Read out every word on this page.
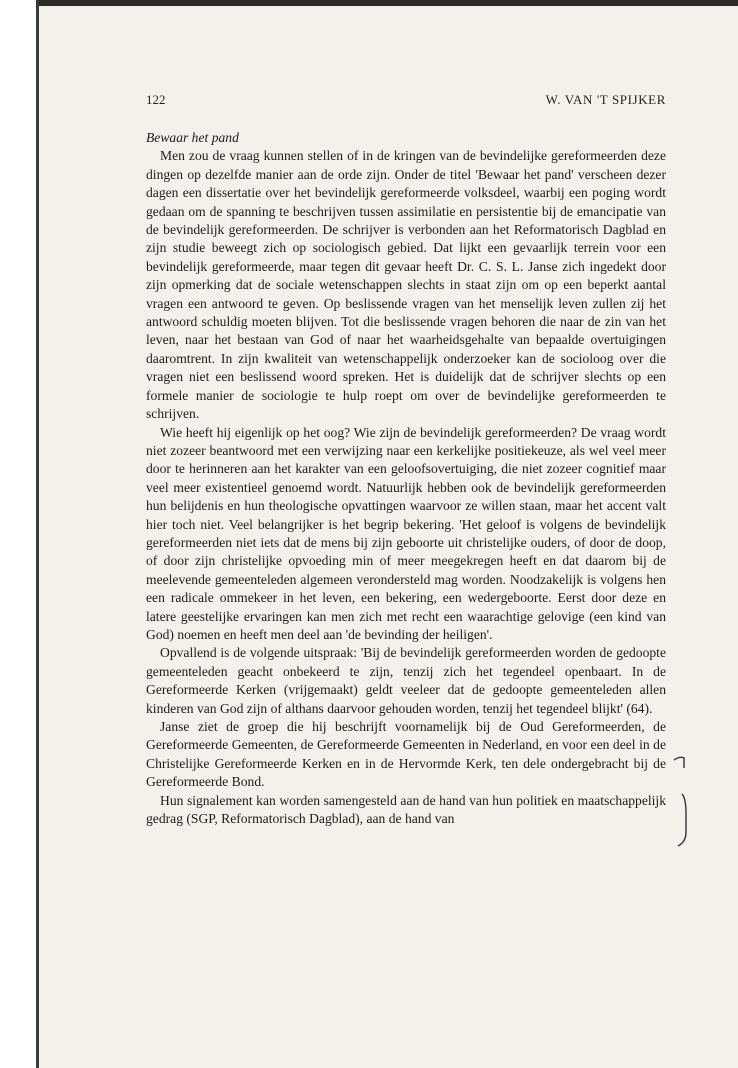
122	W. VAN 'T SPIJKER
Bewaar het pand

Men zou de vraag kunnen stellen of in de kringen van de bevindelijke gereformeerden deze dingen op dezelfde manier aan de orde zijn. Onder de titel 'Bewaar het pand' verscheen dezer dagen een dissertatie over het bevindelijk gereformeerde volksdeel, waarbij een poging wordt gedaan om de spanning te beschrijven tussen assimilatie en persistentie bij de emancipatie van de bevindelijk gereformeerden. De schrijver is verbonden aan het Reformatorisch Dagblad en zijn studie beweegt zich op sociologisch gebied. Dat lijkt een gevaarlijk terrein voor een bevindelijk gereformeerde, maar tegen dit gevaar heeft Dr. C. S. L. Janse zich ingedekt door zijn opmerking dat de sociale wetenschappen slechts in staat zijn om op een beperkt aantal vragen een antwoord te geven. Op beslissende vragen van het menselijk leven zullen zij het antwoord schuldig moeten blijven. Tot die beslissende vragen behoren die naar de zin van het leven, naar het bestaan van God of naar het waarheidsgehalte van bepaalde overtuigingen daaromtrent. In zijn kwaliteit van wetenschappelijk onderzoeker kan de socioloog over die vragen niet een beslissend woord spreken. Het is duidelijk dat de schrijver slechts op een formele manier de sociologie te hulp roept om over de bevindelijke gereformeerden te schrijven.

Wie heeft hij eigenlijk op het oog? Wie zijn de bevindelijk gereformeerden? De vraag wordt niet zozeer beantwoord met een verwijzing naar een kerkelijke positiekeuze, als wel veel meer door te herinneren aan het karakter van een geloofsovertuiging, die niet zozeer cognitief maar veel meer existentieel genoemd wordt. Natuurlijk hebben ook de bevindelijk gereformeerden hun belijdenis en hun theologische opvattingen waarvoor ze willen staan, maar het accent valt hier toch niet. Veel belangrijker is het begrip bekering. 'Het geloof is volgens de bevindelijk gereformeerden niet iets dat de mens bij zijn geboorte uit christelijke ouders, of door de doop, of door zijn christelijke opvoeding min of meer meegekregen heeft en dat daarom bij de meelevende gemeenteleden algemeen verondersteld mag worden. Noodzakelijk is volgens hen een radicale ommekeer in het leven, een bekering, een wedergeboorte. Eerst door deze en latere geestelijke ervaringen kan men zich met recht een waarachtige gelovige (een kind van God) noemen en heeft men deel aan 'de bevinding der heiligen'.

Opvallend is de volgende uitspraak: 'Bij de bevindelijk gereformeerden worden de gedoopte gemeenteleden geacht onbekeerd te zijn, tenzij zich het tegendeel openbaart. In de Gereformeerde Kerken (vrijgemaakt) geldt veeleer dat de gedoopte gemeenteleden allen kinderen van God zijn of althans daarvoor gehouden worden, tenzij het tegendeel blijkt' (64).

Janse ziet de groep die hij beschrijft voornamelijk bij de Oud Gereformeerden, de Gereformeerde Gemeenten, de Gereformeerde Gemeenten in Nederland, en voor een deel in de Christelijke Gereformeerde Kerken en in de Hervormde Kerk, ten dele ondergebracht bij de Gereformeerde Bond.

Hun signalement kan worden samengesteld aan de hand van hun politiek en maatschappelijk gedrag (SGP, Reformatorisch Dagblad), aan de hand van
